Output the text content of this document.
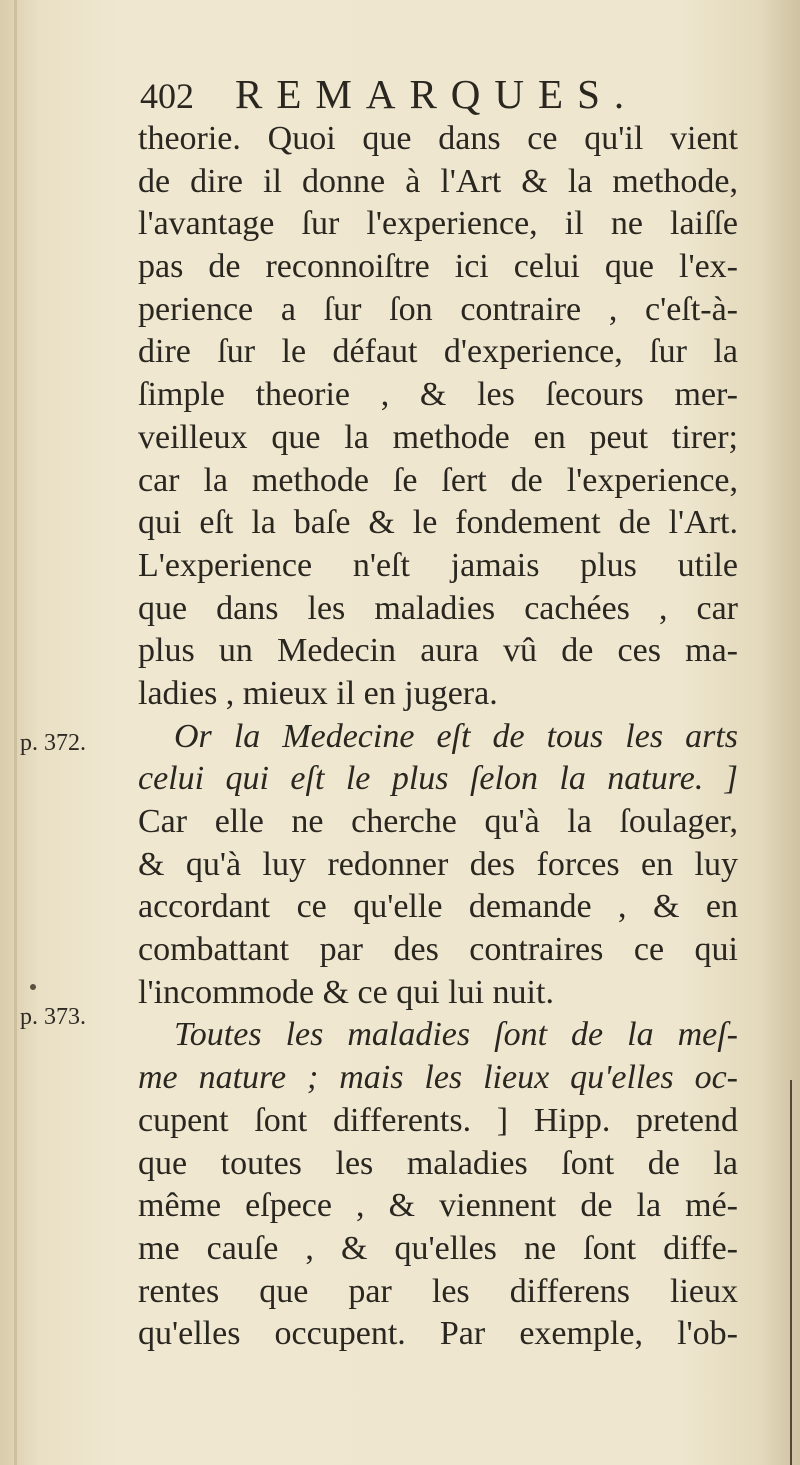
402 REMARQUES.
p. 372.
p. 373.
theorie. Quoi que dans ce qu'il vient
de dire il donne à l'Art & la methode,
l'avantage ſur l'experience, il ne laiſſe
pas de reconnoiſtre ici celui que l'ex-
perience a ſur ſon contraire , c'eſt-à-
dire ſur le défaut d'experience, ſur la
ſimple theorie , & les ſecours mer-
veilleux que la methode en peut tirer;
car la methode ſe ſert de l'experience,
qui eſt la baſe & le fondement de l'Art.
L'experience n'eſt jamais plus utile
que dans les maladies cachées , car
plus un Medecin aura vû de ces ma-
ladies , mieux il en jugera.
Or la Medecine eſt de tous les arts
celui qui eſt le plus ſelon la nature. ]
Car elle ne cherche qu'à la ſoulager,
& qu'à luy redonner des forces en luy
accordant ce qu'elle demande , & en
combattant par des contraires ce qui
l'incommode & ce qui lui nuit.
Toutes les maladies ſont de la meſ-
me nature ; mais les lieux qu'elles oc-
cupent ſont differents. ] Hipp. pretend
que toutes les maladies ſont de la
même eſpece , & viennent de la mé-
me cauſe , & qu'elles ne ſont diffe-
rentes que par les differens lieux
qu'elles occupent. Par exemple, l'ob-
